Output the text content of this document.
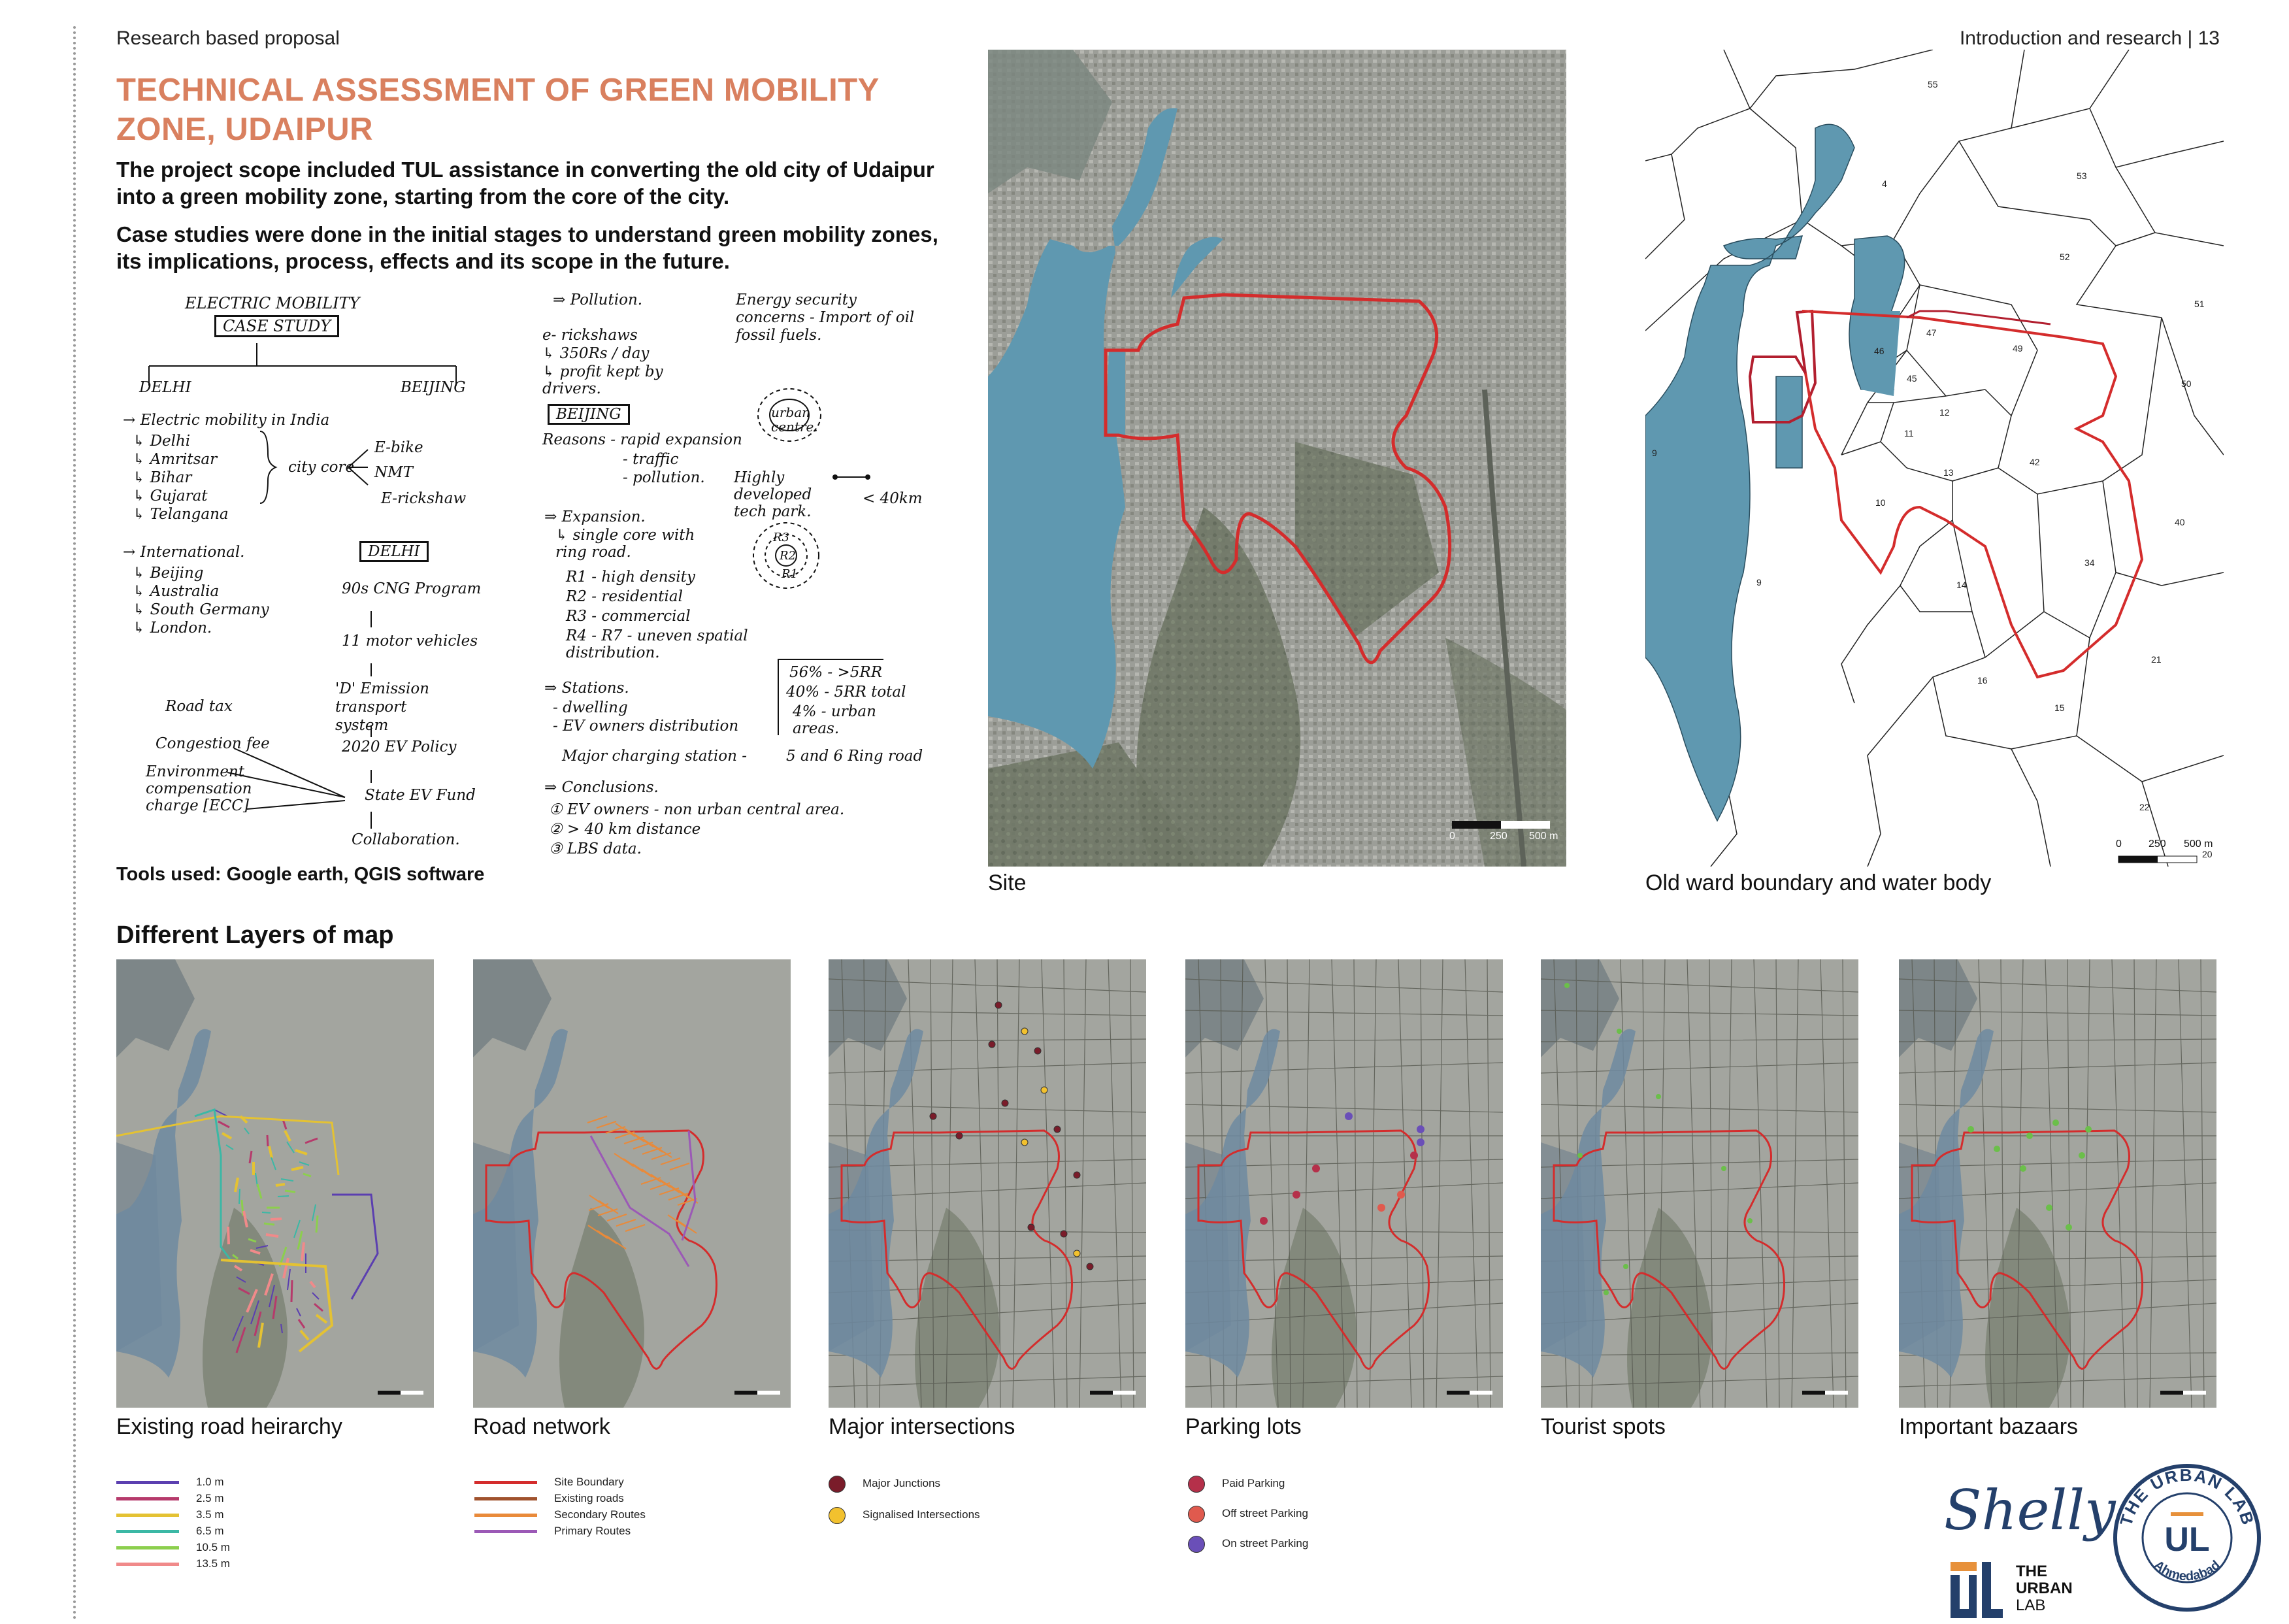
Research based proposal	Introduction and research | 13
TECHNICAL ASSESSMENT OF GREEN MOBILITY ZONE, UDAIPUR
The project scope included TUL assistance in converting the old city of Udaipur into a green mobility zone, starting from the core of the city.
Case studies were done in the initial stages to understand green mobility zones, its implications, process, effects and its scope in the future.
ELECTRIC MOBILITY
CASE STUDY
DELHI	BEIJING
→ Electric mobility in India
↳ Delhi
↳ Amritsar
↳ Bihar
↳ Gujarat
↳ Telangana
→ International.
↳ Beijing
↳ Australia
↳ South Germany
↳ London.
city core
E-bike
NMT
E-rickshaw
DELHI
90s CNG Program
11 motor vehicles
'D' Emission transport system
2020 EV Policy
State EV Fund
Collaboration.
Road tax
Congestion fee
Environment compensation charge [ECC]
⇒ Pollution.
e- rickshaws
↳ 350Rs / day
↳ profit kept by drivers.
BEIJING
Reasons - rapid expansion
- traffic
- pollution.
⇒ Expansion.
↳ single core with ring road.
R1 - high density
R2 - residential
R3 - commercial
R4 - R7 - uneven spatial distribution.
⇒ Stations.
- dwelling
- EV owners distribution
Major charging station -
⇒ Conclusions.
① EV owners - non urban central area.
② > 40 km distance
③ LBS data.
Energy security concerns - Import of oil fossil fuels.
urban centre.
Highly developed tech park.
< 40km
R3
R2
R1
56% - >5RR
40% - 5RR total
4% - urban areas.
5 and 6 Ring road
Tools used: Google earth, QGIS software
0	250 500 m
Site
55
4
53
52
51
50
47
49
46
45
12
11
13
42
10
40
9
9
34
14
21
16
15
22
20
0	250 500 m
Old ward boundary and water body
Different Layers of map
Existing road heirarchy	Road network	Major intersections	Parking lots	Tourist spots	Important bazaars
1.0 m
2.5 m
3.5 m
6.5 m
10.5 m
13.5 m
Site Boundary
Existing roads
Secondary Routes
Primary Routes
Major Junctions
Signalised Intersections
Paid Parking
Off street Parking
On street Parking
Shelly
THE
URBAN
LAB
THE URBAN LAB
Ahmedabad
UL
